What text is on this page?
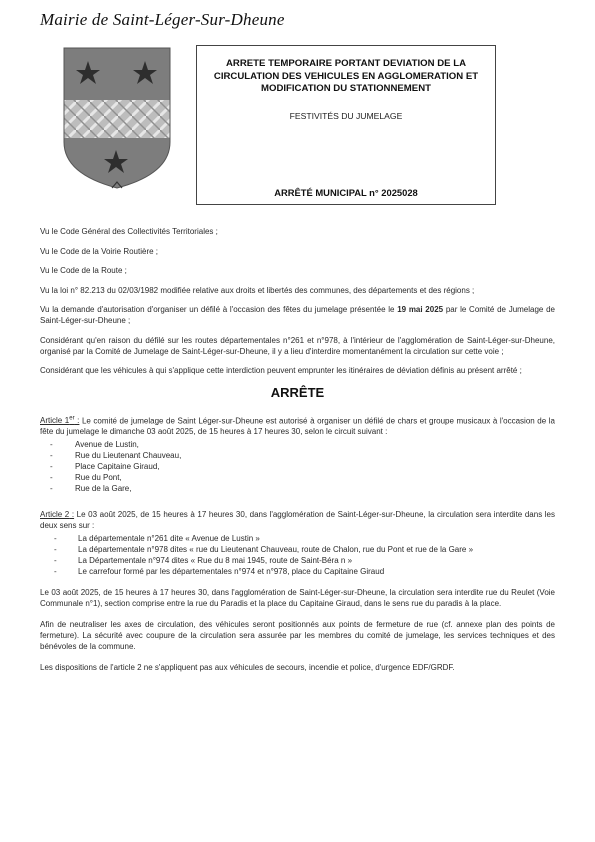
Mairie de Saint-Léger-Sur-Dheune
ARRETE TEMPORAIRE PORTANT DEVIATION DE LA CIRCULATION DES VEHICULES EN AGGLOMERATION ET MODIFICATION DU STATIONNEMENT
FESTIVITÉS DU JUMELAGE
ARRÊTÉ MUNICIPAL n° 2025028

Vu le Code Général des Collectivités Territoriales ;

Vu le Code de la Voirie Routière ;

Vu le Code de la Route ;

Vu la loi n° 82.213 du 02/03/1982 modifiée relative aux droits et libertés des communes, des départements et des régions ;

Vu la demande d'autorisation d'organiser un défilé à l'occasion des fêtes du jumelage présentée le 19 mai 2025 par le Comité de Jumelage de Saint-Léger-sur-Dheune ;

Considérant qu'en raison du défilé sur les routes départementales n°261 et n°978, à l'intérieur de l'agglomération de Saint-Léger-sur-Dheune, organisé par la Comité de Jumelage de Saint-Léger-sur-Dheune, il y a lieu d'interdire momentanément la circulation sur cette voie ;

Considérant que les véhicules à qui s'applique cette interdiction peuvent emprunter les itinéraires de déviation définis au présent arrêté ;

ARRÊTE
Article 1er : Le comité de jumelage de Saint Léger-sur-Dheune est autorisé à organiser un défilé de chars et groupe musicaux à l'occasion de la fête du jumelage le dimanche 03 août 2025, de 15 heures à 17 heures 30, selon le circuit suivant :
- Avenue de Lustin,
- Rue du Lieutenant Chauveau,
- Place Capitaine Giraud,
- Rue du Pont,
- Rue de la Gare,
Article 2 : Le 03 août 2025, de 15 heures à 17 heures 30, dans l'agglomération de Saint-Léger-sur-Dheune, la circulation sera interdite dans les deux sens sur :
- La départementale n°261 dite « Avenue de Lustin »
- La départementale n°978 dites « rue du Lieutenant Chauveau, route de Chalon, rue du Pont et rue de la Gare »
- La Départementale n°974 dites « Rue du 8 mai 1945, route de Saint-Béra n »
- Le carrefour formé par les départementales n°974 et n°978, place du Capitaine Giraud

Le 03 août 2025, de 15 heures à 17 heures 30, dans l'agglomération de Saint-Léger-sur-Dheune, la circulation sera interdite rue du Reulet (Voie Communale n°1), section comprise entre la rue du Paradis et la place du Capitaine Giraud, dans le sens rue du paradis à la place.

Afin de neutraliser les axes de circulation, des véhicules seront positionnés aux points de fermeture de rue (cf. annexe plan des points de fermeture). La sécurité avec coupure de la circulation sera assurée par les membres du comité de jumelage, les services techniques et des bénévoles de la commune.

Les dispositions de l'article 2 ne s'appliquent pas aux véhicules de secours, incendie et police, d'urgence EDF/GRDF.
